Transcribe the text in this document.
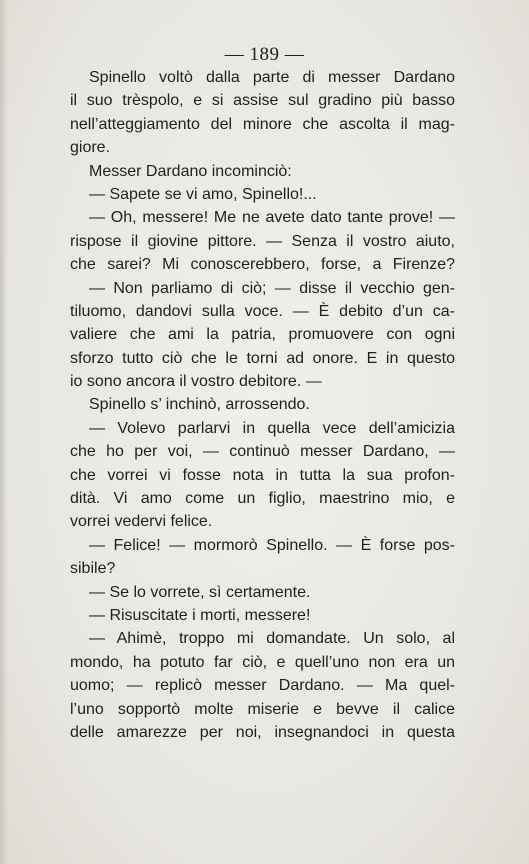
— 189 —
Spinello voltò dalla parte di messer Dardano
il suo trèspolo, e si assise sul gradino più basso
nell’atteggiamento del minore che ascolta il mag-
giore.
Messer Dardano incominciò:
— Sapete se vi amo, Spinello!...
— Oh, messere! Me ne avete dato tante prove! —
rispose il giovine pittore. — Senza il vostro aiuto,
che sarei? Mi conoscerebbero, forse, a Firenze?
— Non parliamo di ciò; — disse il vecchio gen-
tiluomo, dandovi sulla voce. — È debito d’un ca-
valiere che ami la patria, promuovere con ogni
sforzo tutto ciò che le torni ad onore. E in questo
io sono ancora il vostro debitore. —
Spinello s’ inchinò, arrossendo.
— Volevo parlarvi in quella vece dell’amicizia
che ho per voi, — continuò messer Dardano, —
che vorrei vi fosse nota in tutta la sua profon-
dità. Vi amo come un figlio, maestrino mio, e
vorrei vedervi felice.
— Felice! — mormorò Spinello. — È forse pos-
sibile?
— Se lo vorrete, sì certamente.
— Risuscitate i morti, messere!
— Ahimè, troppo mi domandate. Un solo, al
mondo, ha potuto far ciò, e quell’uno non era un
uomo; — replicò messer Dardano. — Ma quel-
l’uno sopportò molte miserie e bevve il calice
delle amarezze per noi, insegnandoci in questa
